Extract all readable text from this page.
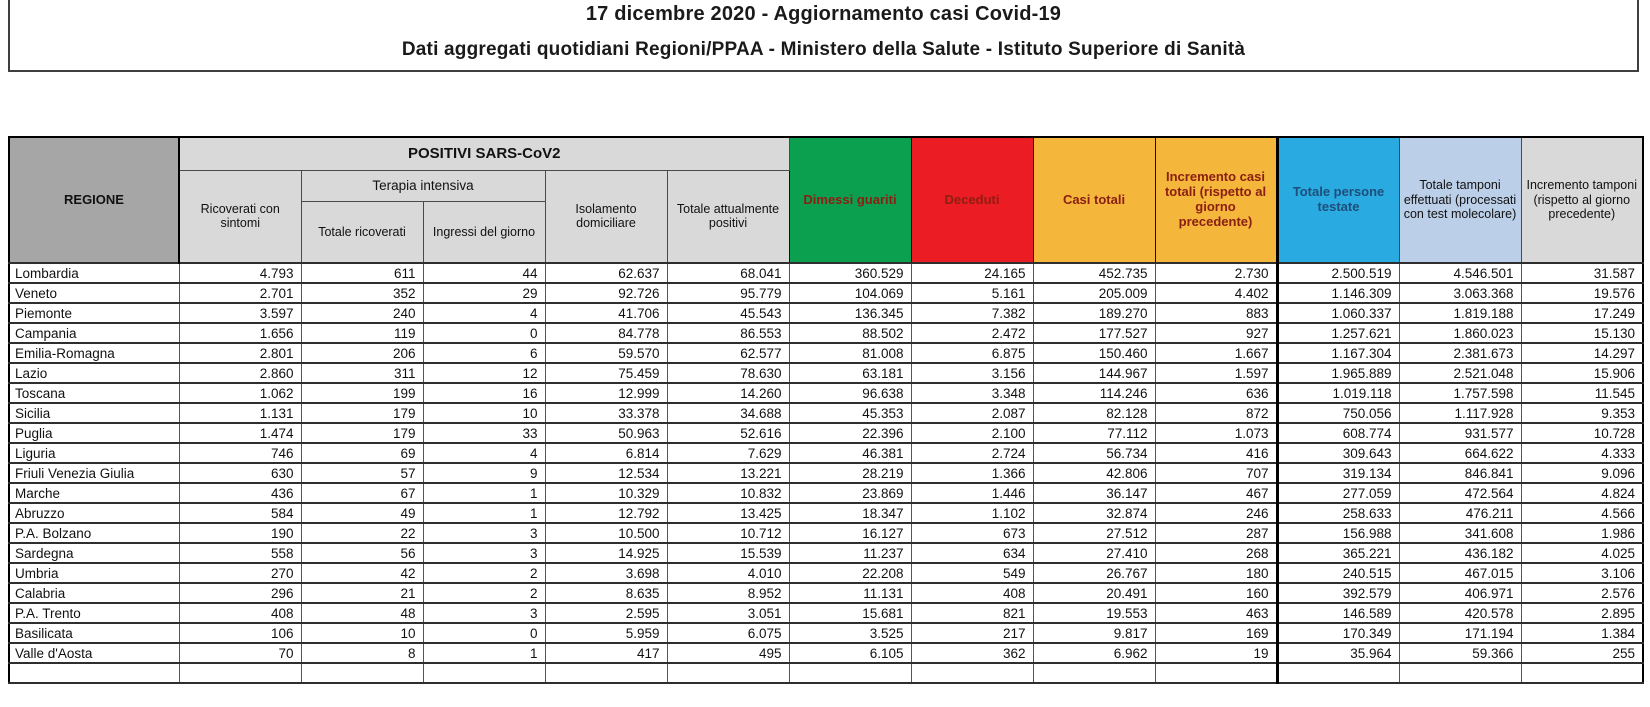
17 dicembre 2020 - Aggiornamento casi Covid-19
Dati aggregati quotidiani Regioni/PPAA - Ministero della Salute - Istituto Superiore di Sanità
REGIONE	POSITIVI SARS-CoV2					Dimessi guariti	Deceduti	Casi totali	Incremento casi totali (rispetto al giorno precedente)	Totale persone testate	Totale tamponi effettuati (processati con test molecolare)	Incremento tamponi (rispetto al giorno precedente)
	Ricoverati con sintomi	Terapia intensiva		Isolamento domiciliare	Totale attualmente positivi							
		Totale ricoverati	Ingressi del giorno									
Lombardia	4.793	611	44	62.637	68.041	360.529	24.165	452.735	2.730	2.500.519	4.546.501	31.587
Veneto	2.701	352	29	92.726	95.779	104.069	5.161	205.009	4.402	1.146.309	3.063.368	19.576
Piemonte	3.597	240	4	41.706	45.543	136.345	7.382	189.270	883	1.060.337	1.819.188	17.249
Campania	1.656	119	0	84.778	86.553	88.502	2.472	177.527	927	1.257.621	1.860.023	15.130
Emilia-Romagna	2.801	206	6	59.570	62.577	81.008	6.875	150.460	1.667	1.167.304	2.381.673	14.297
Lazio	2.860	311	12	75.459	78.630	63.181	3.156	144.967	1.597	1.965.889	2.521.048	15.906
Toscana	1.062	199	16	12.999	14.260	96.638	3.348	114.246	636	1.019.118	1.757.598	11.545
Sicilia	1.131	179	10	33.378	34.688	45.353	2.087	82.128	872	750.056	1.117.928	9.353
Puglia	1.474	179	33	50.963	52.616	22.396	2.100	77.112	1.073	608.774	931.577	10.728
Liguria	746	69	4	6.814	7.629	46.381	2.724	56.734	416	309.643	664.622	4.333
Friuli Venezia Giulia	630	57	9	12.534	13.221	28.219	1.366	42.806	707	319.134	846.841	9.096
Marche	436	67	1	10.329	10.832	23.869	1.446	36.147	467	277.059	472.564	4.824
Abruzzo	584	49	1	12.792	13.425	18.347	1.102	32.874	246	258.633	476.211	4.566
P.A. Bolzano	190	22	3	10.500	10.712	16.127	673	27.512	287	156.988	341.608	1.986
Sardegna	558	56	3	14.925	15.539	11.237	634	27.410	268	365.221	436.182	4.025
Umbria	270	42	2	3.698	4.010	22.208	549	26.767	180	240.515	467.015	3.106
Calabria	296	21	2	8.635	8.952	11.131	408	20.491	160	392.579	406.971	2.576
P.A. Trento	408	48	3	2.595	3.051	15.681	821	19.553	463	146.589	420.578	2.895
Basilicata	106	10	0	5.959	6.075	3.525	217	9.817	169	170.349	171.194	1.384
Valle d'Aosta	70	8	1	417	495	6.105	362	6.962	19	35.964	59.366	255
